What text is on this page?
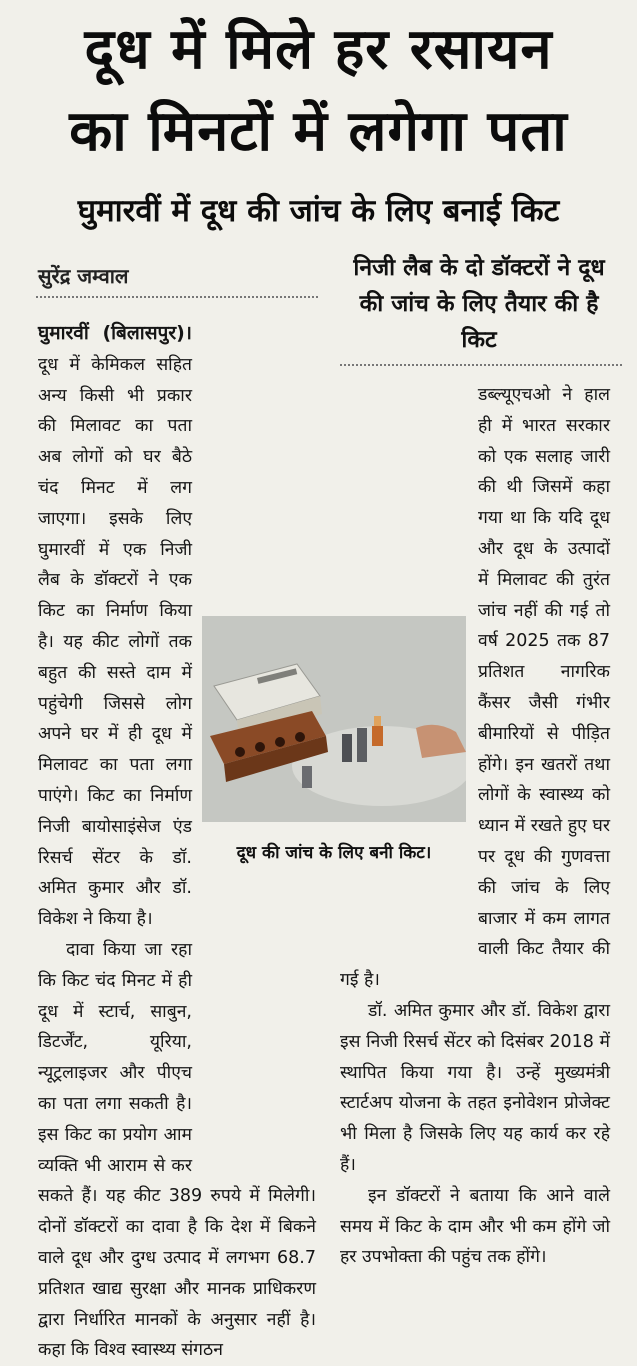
दूध में मिले हर रसायन
का मिनटों में लगेगा पता
घुमारवीं में दूध की जांच के लिए बनाई किट
सुरेंद्र जम्वाल	निजी लैब के दो डॉक्टरों ने दूध की जांच के लिए तैयार की है किट

घुमारवीं (बिलासपुर)। दूध में केमिकल सहित अन्य किसी भी प्रकार की मिलावट का पता अब लोगों को घर बैठे चंद मिनट में लग जाएगा। इसके लिए घुमारवीं में एक निजी लैब के डॉक्टरों ने एक किट का निर्माण किया है। यह कीट लोगों तक बहुत की सस्ते दाम में पहुंचेगी जिससे लोग अपने घर में ही दूध में मिलावट का पता लगा पाएंगे। किट का निर्माण निजी बायोसाइंसेज एंड रिसर्च सेंटर के डॉ. अमित कुमार और डॉ. विकेश ने किया है।

दावा किया जा रहा कि किट चंद मिनट में ही दूध में स्टार्च, साबुन, डिटर्जेंट, यूरिया, न्यूट्रलाइजर और पीएच का पता लगा सकती है। इस किट का प्रयोग आम व्यक्ति भी आराम से कर सकते हैं। यह कीट 389 रुपये में मिलेगी। दोनों डॉक्टरों का दावा है कि देश में बिकने वाले दूध और दुग्ध उत्पाद में लगभग 68.7 प्रतिशत खाद्य सुरक्षा और मानक प्राधिकरण द्वारा निर्धारित मानकों के अनुसार नहीं है। कहा कि विश्व स्वास्थ्य संगठन

डब्ल्यूएचओ ने हाल ही में भारत सरकार को एक सलाह जारी की थी जिसमें कहा गया था कि यदि दूध और दूध के उत्पादों में मिलावट की तुरंत जांच नहीं की गई तो वर्ष 2025 तक 87 प्रतिशत नागरिक कैंसर जैसी गंभीर बीमारियों से पीड़ित होंगे। इन खतरों तथा लोगों के स्वास्थ्य को ध्यान में रखते हुए घर पर दूध की गुणवत्ता की जांच के लिए बाजार में कम लागत वाली किट तैयार की गई है।

डॉ. अमित कुमार और डॉ. विकेश द्वारा इस निजी रिसर्च सेंटर को दिसंबर 2018 में स्थापित किया गया है। उन्हें मुख्यमंत्री स्टार्टअप योजना के तहत इनोवेशन प्रोजेक्ट भी मिला है जिसके लिए यह कार्य कर रहे हैं।

इन डॉक्टरों ने बताया कि आने वाले समय में किट के दाम और भी कम होंगे जो हर उपभोक्ता की पहुंच तक होंगे।

दूध की जांच के लिए बनी किट।
